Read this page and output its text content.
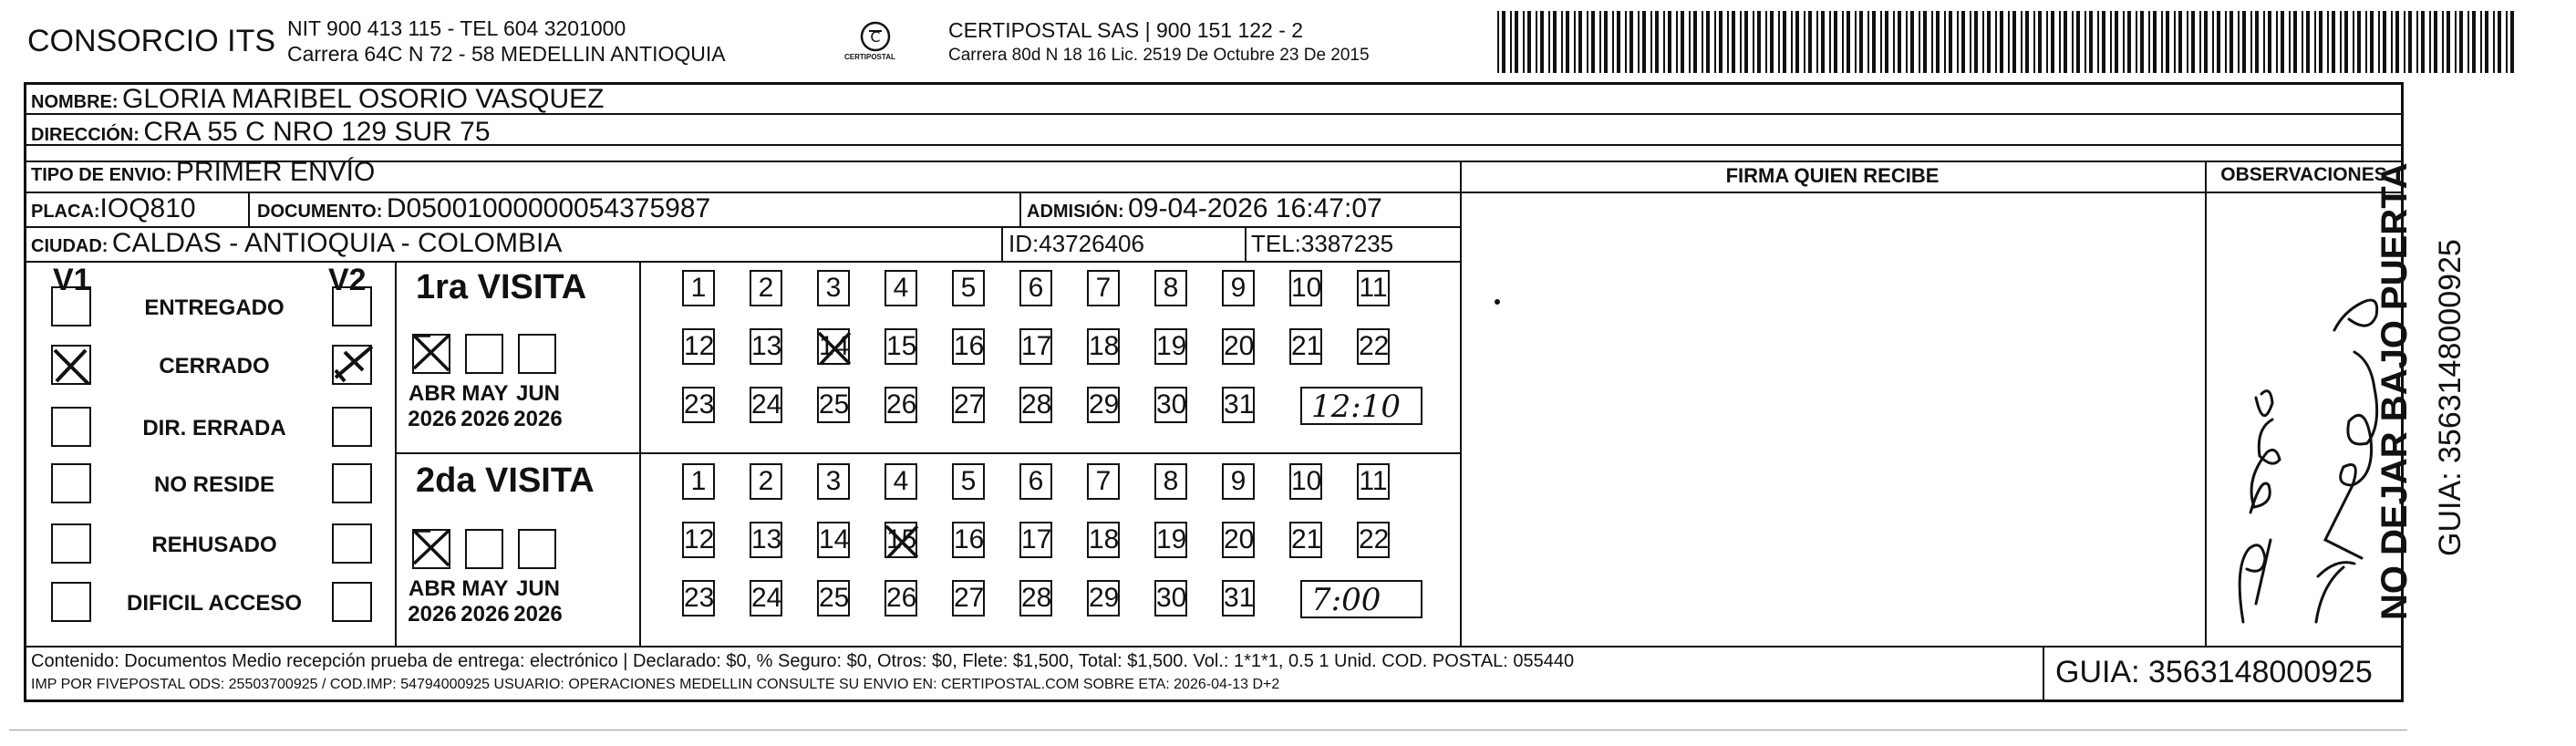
CONSORCIO ITS NIT 900 413 115 - TEL 604 3201000
Carrera 64C N 72 - 58 MEDELLIN ANTIOQUIA
C
CERTIPOSTAL
CERTIPOSTAL SAS | 900 151 122 - 2
Carrera 80d N 18 16 Lic. 2519 De Octubre 23 De 2015
NOMBRE: GLORIA MARIBEL OSORIO VASQUEZ
DIRECCIÓN: CRA 55 C NRO 129 SUR 75
TIPO DE ENVIO: PRIMER ENVÍO	FIRMA QUIEN RECIBE	OBSERVACIONES
PLACA:IOQ810	DOCUMENTO: D05001000000054375987	ADMISIÓN: 09-04-2026 16:47:07
CIUDAD: CALDAS - ANTIOQUIA - COLOMBIA	ID:43726406	TEL:3387235
V1	V2
ENTREGADO
CERRADO
DIR. ERRADA
NO RESIDE
REHUSADO
DIFICIL ACCESO
1ra VISITA
2da VISITA
ABR
2026
MAY
2026
JUN
2026
ABR
2026
MAY
2026
JUN
2026
1	2	3	4	5	6	7	8	9	10 11
12 13 14 15 16 17 18 19 20 21 22
23 24 25 26 27 28 29 30 31 12:10
1	2	3	4	5	6	7	8	9	10 11
12 13 14 15 16 17 18 19 20 21 22
23 24 25 26 27 28 29 30 31 7:00
Contenido: Documentos Medio recepción prueba de entrega: electrónico | Declarado: $0, % Seguro: $0, Otros: $0, Flete: $1,500, Total: $1,500. Vol.: 1*1*1, 0.5 1 Unid. COD. POSTAL: 055440
IMP POR FIVEPOSTAL ODS: 25503700925 / COD.IMP: 54794000925 USUARIO: OPERACIONES MEDELLIN CONSULTE SU ENVIO EN: CERTIPOSTAL.COM SOBRE ETA: 2026-04-13 D+2	GUIA: 3563148000925
NO DEJAR BAJO PUERTA GUIA: 3563148000925
